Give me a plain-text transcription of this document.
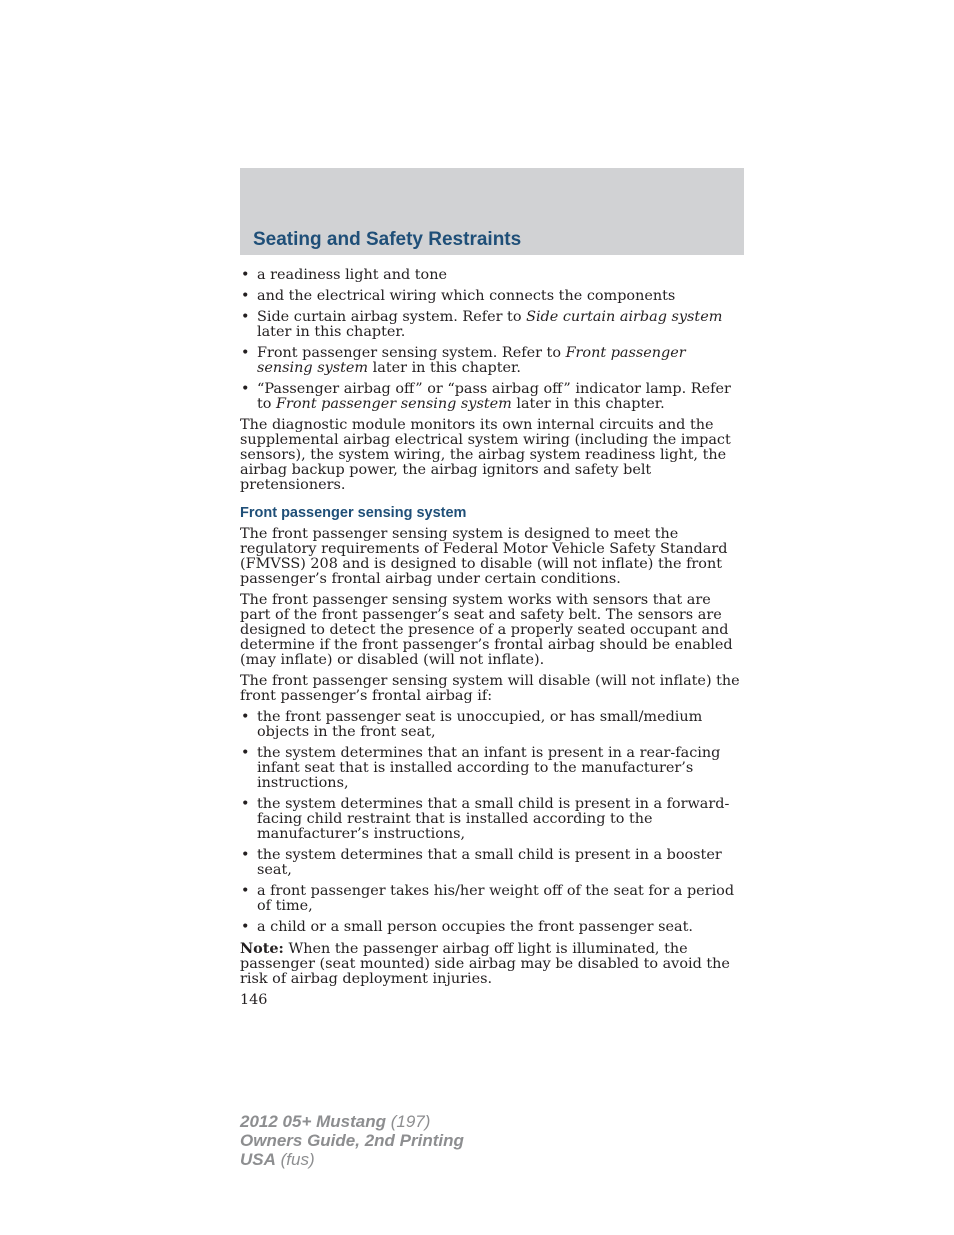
Seating and Safety Restraints
• a readiness light and tone
• and the electrical wiring which connects the components
• Side curtain airbag system. Refer to Side curtain airbag system later in this chapter.
• Front passenger sensing system. Refer to Front passenger sensing system later in this chapter.
• “Passenger airbag off” or “pass airbag off” indicator lamp. Refer to Front passenger sensing system later in this chapter.

The diagnostic module monitors its own internal circuits and the supplemental airbag electrical system wiring (including the impact sensors), the system wiring, the airbag system readiness light, the airbag backup power, the airbag ignitors and safety belt pretensioners.

Front passenger sensing system

The front passenger sensing system is designed to meet the regulatory requirements of Federal Motor Vehicle Safety Standard (FMVSS) 208 and is designed to disable (will not inflate) the front passenger’s frontal airbag under certain conditions.

The front passenger sensing system works with sensors that are part of the front passenger’s seat and safety belt. The sensors are designed to detect the presence of a properly seated occupant and determine if the front passenger’s frontal airbag should be enabled (may inflate) or disabled (will not inflate).

The front passenger sensing system will disable (will not inflate) the front passenger’s frontal airbag if:

• the front passenger seat is unoccupied, or has small/medium objects in the front seat,
• the system determines that an infant is present in a rear-facing infant seat that is installed according to the manufacturer’s instructions,
• the system determines that a small child is present in a forward-facing child restraint that is installed according to the manufacturer’s instructions,
• the system determines that a small child is present in a booster seat,
• a front passenger takes his/her weight off of the seat for a period of time,
• a child or a small person occupies the front passenger seat.

Note: When the passenger airbag off light is illuminated, the passenger (seat mounted) side airbag may be disabled to avoid the risk of airbag deployment injuries.

146
2012 05+ Mustang (197)
Owners Guide, 2nd Printing
USA (fus)
